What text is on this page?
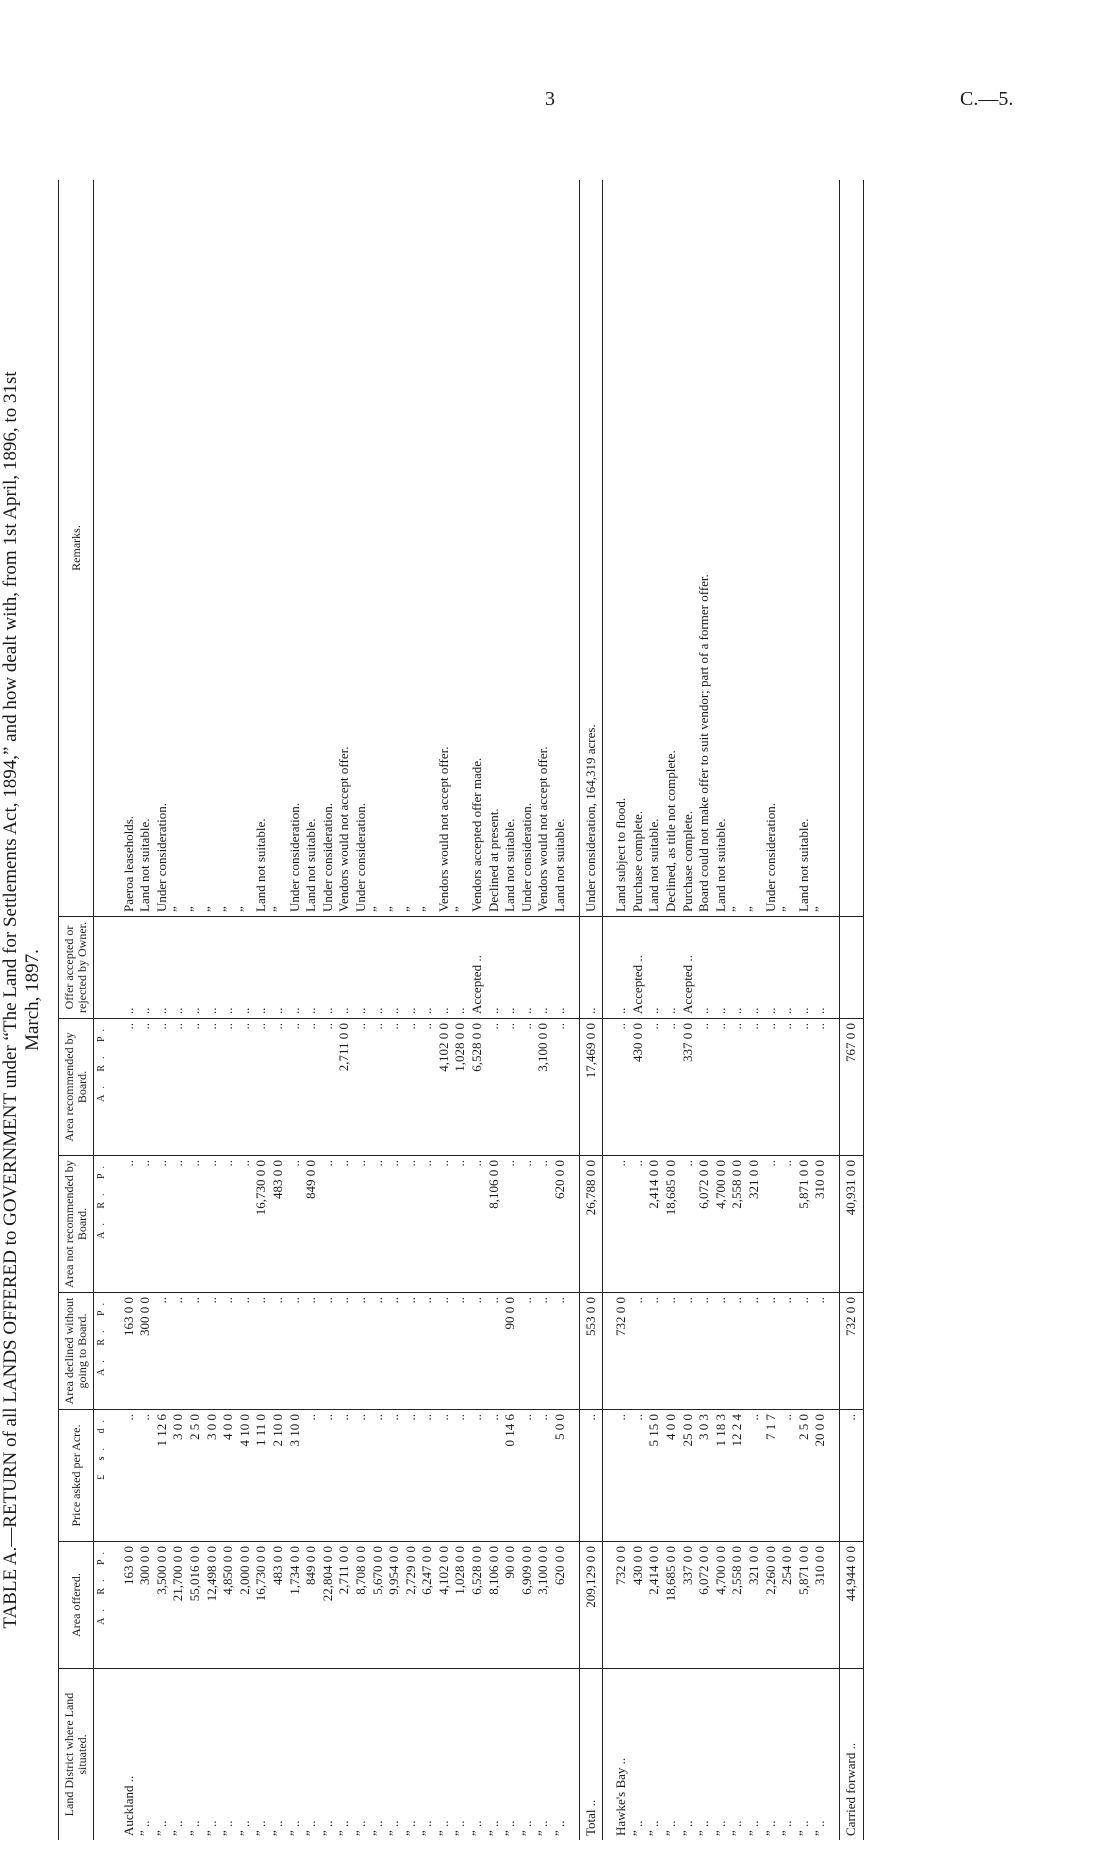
3	C.—5.
TABLE A.—RETURN of all LANDS OFFERED to GOVERNMENT under “The Land for Settlements Act, 1894,” and how dealt with, from 1st April, 1896, to 31st March, 1897.
Land District where Land situated.	Area offered.	Price asked per Acre.	Area declined without going to Board.	Area not recommended by Board.	Area recommended by Board.	Offer accepted or rejected by Owner.	Remarks.
	A. R. P.	£ s. d.	A. R. P.	A. R. P.	A. R. P.		

Auckland ..	163 0 0	..	163 0 0	..	..	..	Paeroa leaseholds.
” ..	300 0 0	..	300 0 0	..	..	..	Land not suitable.
” ..	3,500 0 0	1 12 6	..	..	..	..	Under consideration.
” ..	21,700 0 0	3 0 0	..	..	..	..	”
” ..	55,016 0 0	2 5 0	..	..	..	..	”
” ..	12,498 0 0	3 0 0	..	..	..	..	”
” ..	4,850 0 0	4 0 0	..	..	..	..	”
” ..	2,000 0 0	4 10 0	..	..	..	..	”
” ..	16,730 0 0	1 11 0	..	16,730 0 0	..	..	Land not suitable.
” ..	483 0 0	2 10 0	..	483 0 0	..	..	”
” ..	1,734 0 0	3 10 0	..	..	..	..	Under consideration.
” ..	849 0 0	..	..	849 0 0	..	..	Land not suitable.
” ..	22,804 0 0	..	..	..	..	..	Under consideration.
” ..	2,711 0 0	..	..	..	2,711 0 0	..	Vendors would not accept offer.
” ..	8,708 0 0	..	..	..	..	..	Under consideration.
” ..	5,670 0 0	..	..	..	..	..	”
” ..	9,954 0 0	..	..	..	..	..	”
” ..	2,729 0 0	..	..	..	..	..	”
” ..	6,247 0 0	..	..	..	..	..	”
” ..	4,102 0 0	..	..	..	4,102 0 0	..	Vendors would not accept offer.
” ..	1,028 0 0	..	..	..	1,028 0 0	..	”
” ..	6,528 0 0	..	..	..	6,528 0 0	Accepted ..	Vendors accepted offer made.
” ..	8,106 0 0	..	..	8,106 0 0	..	..	Declined at present.
” ..	90 0 0	0 14 6	90 0 0	..	..	..	Land not suitable.
” ..	6,909 0 0	..	..	..	..	..	Under consideration.
” ..	3,100 0 0	..	..	..	3,100 0 0	..	Vendors would not accept offer.
” ..	620 0 0	5 0 0	..	620 0 0	..	..	Land not suitable.

Total ..	209,129 0 0	..	553 0 0	26,788 0 0	17,469 0 0	..	Under consideration, 164,319 acres.

Hawke's Bay ..	732 0 0	..	732 0 0	..	..	..	Land subject to flood.
” ..	430 0 0	..	..	..	430 0 0	Accepted ..	Purchase complete.
” ..	2,414 0 0	5 15 0	..	2,414 0 0	..	..	Land not suitable.
” ..	18,685 0 0	4 0 0	..	18,685 0 0	..	..	Declined, as title not complete.
” ..	337 0 0	25 0 0	..	..	337 0 0	Accepted ..	Purchase complete.
” ..	6,072 0 0	3 0 3	..	6,072 0 0	..	..	Board could not make offer to suit vendor; part of a former offer.
” ..	4,700 0 0	1 18 3	..	4,700 0 0	..	..	Land not suitable.
” ..	2,558 0 0	12 2 4	..	2,558 0 0	..	..	”
” ..	321 0 0	..	..	321 0 0	..	..	”
” ..	2,260 0 0	7 1 7	..	..	..	..	Under consideration.
” ..	254 0 0	..	..	..	..	..	”
” ..	5,871 0 0	2 5 0	..	5,871 0 0	..	..	Land not suitable.
” ..	310 0 0	20 0 0	..	310 0 0	..	..	”

Carried forward ..	44,944 0 0	..	732 0 0	40,931 0 0	767 0 0		
